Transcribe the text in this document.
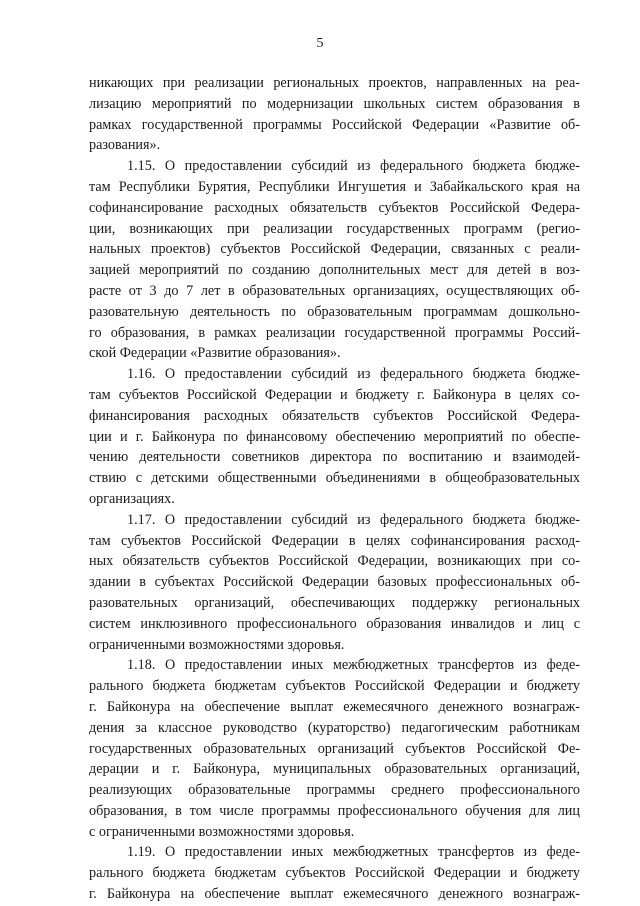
5
никающих при реализации региональных проектов, направленных на реа-
лизацию мероприятий по модернизации школьных систем образования в
рамках государственной программы Российской Федерации «Развитие об-
разования».
1.15. О предоставлении субсидий из федерального бюджета бюдже-
там Республики Бурятия, Республики Ингушетия и Забайкальского края на
софинансирование расходных обязательств субъектов Российской Федера-
ции, возникающих при реализации государственных программ (регио-
нальных проектов) субъектов Российской Федерации, связанных с реали-
зацией мероприятий по созданию дополнительных мест для детей в воз-
расте от 3 до 7 лет в образовательных организациях, осуществляющих об-
разовательную деятельность по образовательным программам дошкольно-
го образования, в рамках реализации государственной программы Россий-
ской Федерации «Развитие образования».
1.16. О предоставлении субсидий из федерального бюджета бюдже-
там субъектов Российской Федерации и бюджету г. Байконура в целях со-
финансирования расходных обязательств субъектов Российской Федера-
ции и г. Байконура по финансовому обеспечению мероприятий по обеспе-
чению деятельности советников директора по воспитанию и взаимодей-
ствию с детскими общественными объединениями в общеобразовательных
организациях.
1.17. О предоставлении субсидий из федерального бюджета бюдже-
там субъектов Российской Федерации в целях софинансирования расход-
ных обязательств субъектов Российской Федерации, возникающих при со-
здании в субъектах Российской Федерации базовых профессиональных об-
разовательных организаций, обеспечивающих поддержку региональных
систем инклюзивного профессионального образования инвалидов и лиц с
ограниченными возможностями здоровья.
1.18. О предоставлении иных межбюджетных трансфертов из феде-
рального бюджета бюджетам субъектов Российской Федерации и бюджету
г. Байконура на обеспечение выплат ежемесячного денежного вознаграж-
дения за классное руководство (кураторство) педагогическим работникам
государственных образовательных организаций субъектов Российской Фе-
дерации и г. Байконура, муниципальных образовательных организаций,
реализующих образовательные программы среднего профессионального
образования, в том числе программы профессионального обучения для лиц
с ограниченными возможностями здоровья.
1.19. О предоставлении иных межбюджетных трансфертов из феде-
рального бюджета бюджетам субъектов Российской Федерации и бюджету
г. Байконура на обеспечение выплат ежемесячного денежного вознаграж-
